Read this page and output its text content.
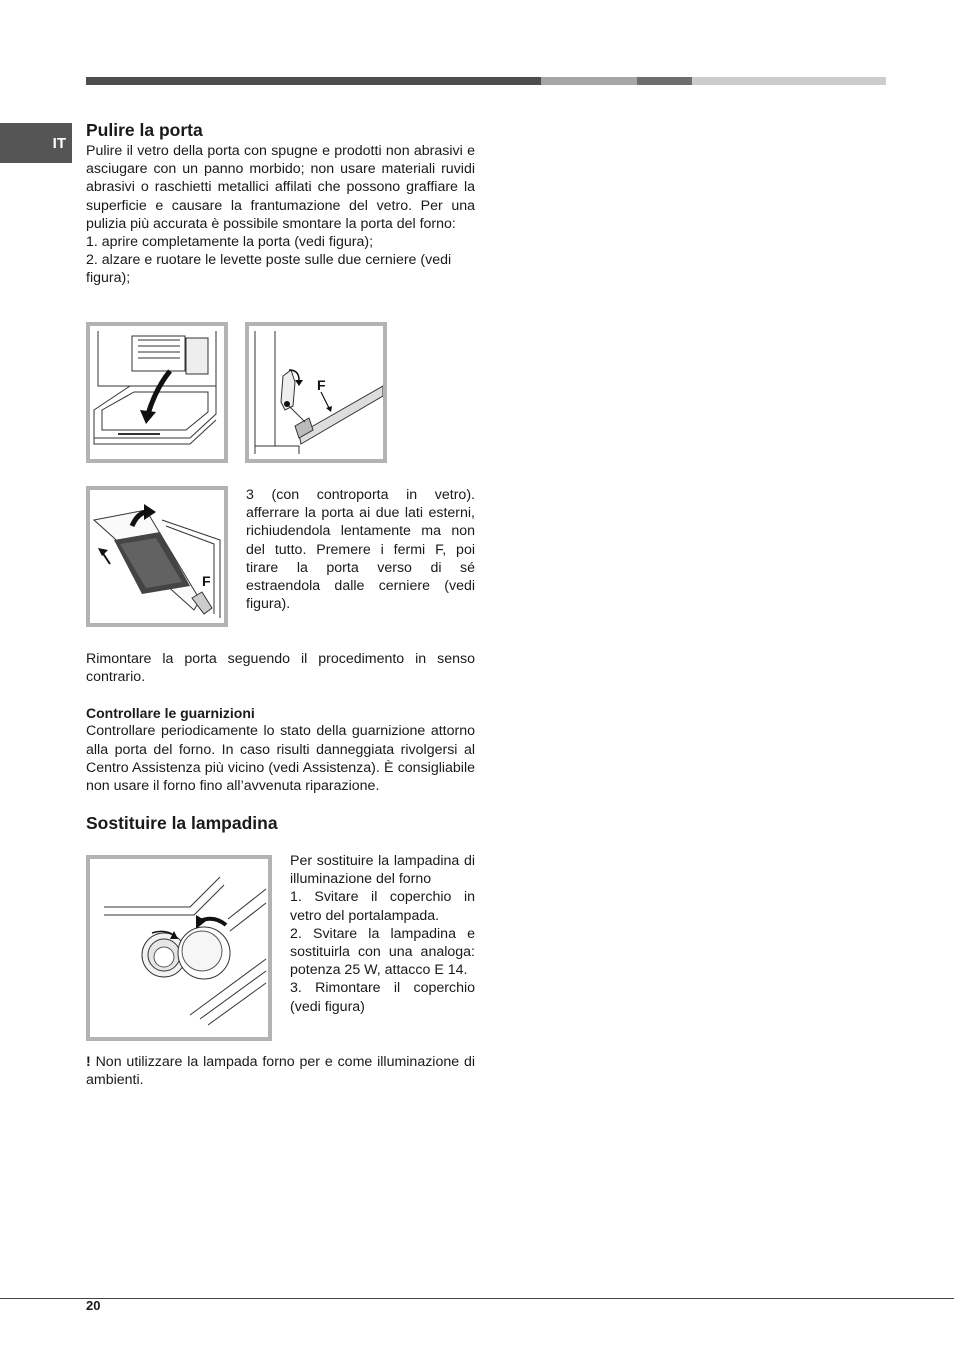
IT
Pulire la porta

Pulire il vetro della porta con spugne e prodotti non abrasivi e asciugare con un panno morbido; non usare materiali ruvidi abrasivi o raschietti metallici affilati che possono graffiare la superficie e causare la frantumazione del vetro. Per una pulizia più accurata è possibile smontare la porta del forno:

1. aprire completamente la porta (vedi figura);

2. alzare e ruotare le levette poste sulle due cerniere (vedi figura);

F
F

3 (con controporta in vetro). afferrare la porta ai due lati esterni, richiudendola lentamente ma non del tutto. Premere i fermi F, poi tirare la porta verso di sé estraendola dalle cerniere (vedi figura).

Rimontare la porta seguendo il procedimento in senso contrario.

Controllare le guarnizioni

Controllare periodicamente lo stato della guarnizione attorno alla porta del forno. In caso risulti danneggiata rivolgersi al Centro Assistenza più vicino (vedi Assistenza). È consigliabile non usare il forno fino all’avvenuta riparazione.

Sostituire la lampadina

Per sostituire la lampadina di illuminazione del forno

1. Svitare il coperchio in vetro del portalampada.

2. Svitare la lampadina e sostituirla con una analoga: potenza 25 W, attacco E 14.

3. Rimontare il coperchio (vedi figura)

! Non utilizzare la lampada forno per e come illuminazione di ambienti.

20
